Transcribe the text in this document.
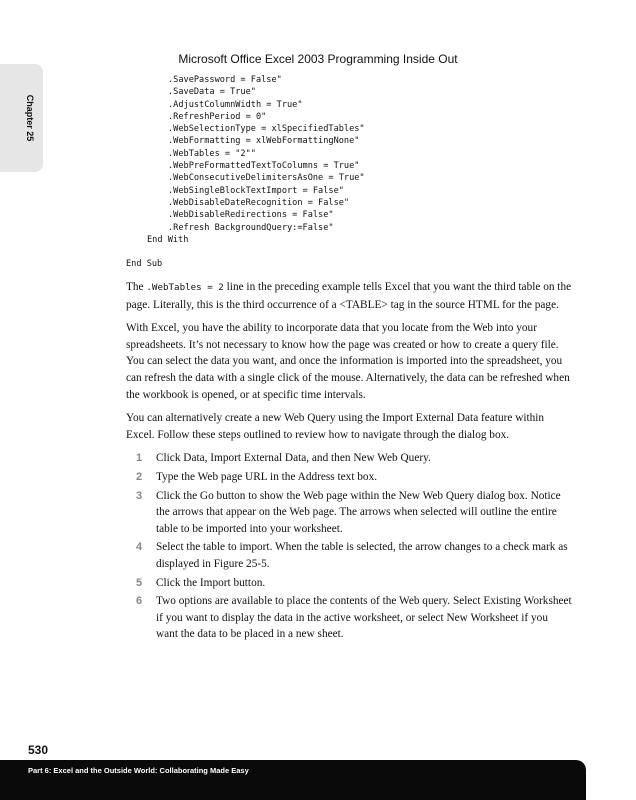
Microsoft Office Excel 2003 Programming Inside Out
Chapter 25
.SavePassword = False"
.SaveData = True"
.AdjustColumnWidth = True"
.RefreshPeriod = 0"
.WebSelectionType = xlSpecifiedTables"
.WebFormatting = xlWebFormattingNone"
.WebTables = "2""
.WebPreFormattedTextToColumns = True"
.WebConsecutiveDelimitersAsOne = True"
.WebSingleBlockTextImport = False"
.WebDisableDateRecognition = False"
.WebDisableRedirections = False"
.Refresh BackgroundQuery:=False"
End With
End Sub

The .WebTables = 2 line in the preceding example tells Excel that you want the third table on the page. Literally, this is the third occurrence of a <TABLE> tag in the source HTML for the page.

With Excel, you have the ability to incorporate data that you locate from the Web into your spreadsheets. It’s not necessary to know how the page was created or how to create a query file. You can select the data you want, and once the information is imported into the spreadsheet, you can refresh the data with a single click of the mouse. Alternatively, the data can be refreshed when the workbook is opened, or at specific time intervals.

You can alternatively create a new Web Query using the Import External Data feature within Excel. Follow these steps outlined to review how to navigate through the dialog box.

1 Click Data, Import External Data, and then New Web Query.
2 Type the Web page URL in the Address text box.
3 Click the Go button to show the Web page within the New Web Query dialog box. Notice the arrows that appear on the Web page. The arrows when selected will outline the entire table to be imported into your worksheet.
4 Select the table to import. When the table is selected, the arrow changes to a check mark as displayed in Figure 25-5.
5 Click the Import button.
6 Two options are available to place the contents of the Web query. Select Existing Worksheet if you want to display the data in the active worksheet, or select New Worksheet if you want the data to be placed in a new sheet.
530
Part 6: Excel and the Outside World: Collaborating Made Easy
